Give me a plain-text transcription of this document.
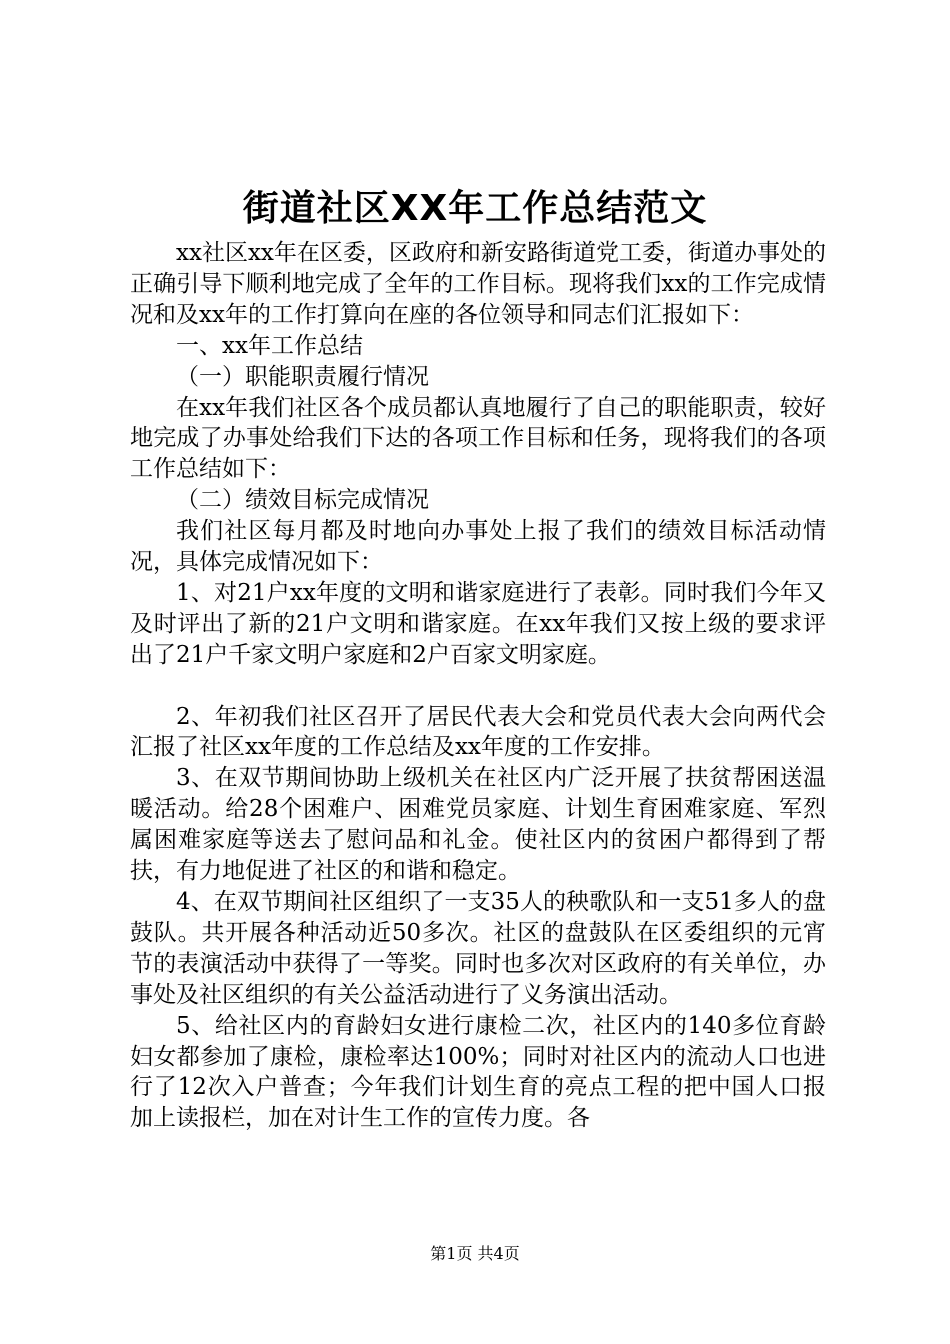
街道社区XX年工作总结范文

xx社区xx年在区委，区政府和新安路街道党工委，街道办事处的正确引导下顺利地完成了全年的工作目标。现将我们xx的工作完成情况和及xx年的工作打算向在座的各位领导和同志们汇报如下：

一、xx年工作总结

（一）职能职责履行情况

在xx年我们社区各个成员都认真地履行了自己的职能职责，较好地完成了办事处给我们下达的各项工作目标和任务，现将我们的各项工作总结如下：

（二）绩效目标完成情况

我们社区每月都及时地向办事处上报了我们的绩效目标活动情况，具体完成情况如下：

1、对21户xx年度的文明和谐家庭进行了表彰。同时我们今年又及时评出了新的21户文明和谐家庭。在xx年我们又按上级的要求评出了21户千家文明户家庭和2户百家文明家庭。

2、年初我们社区召开了居民代表大会和党员代表大会向两代会汇报了社区xx年度的工作总结及xx年度的工作安排。

3、在双节期间协助上级机关在社区内广泛开展了扶贫帮困送温暖活动。给28个困难户、困难党员家庭、计划生育困难家庭、军烈属困难家庭等送去了慰问品和礼金。使社区内的贫困户都得到了帮扶，有力地促进了社区的和谐和稳定。

4、在双节期间社区组织了一支35人的秧歌队和一支51多人的盘鼓队。共开展各种活动近50多次。社区的盘鼓队在区委组织的元宵节的表演活动中获得了一等奖。同时也多次对区政府的有关单位，办事处及社区组织的有关公益活动进行了义务演出活动。

5、给社区内的育龄妇女进行康检二次，社区内的140多位育龄妇女都参加了康检，康检率达100%；同时对社区内的流动人口也进行了12次入户普查；今年我们计划生育的亮点工程的把中国人口报加上读报栏，加在对计生工作的宣传力度。各

第1页 共4页
